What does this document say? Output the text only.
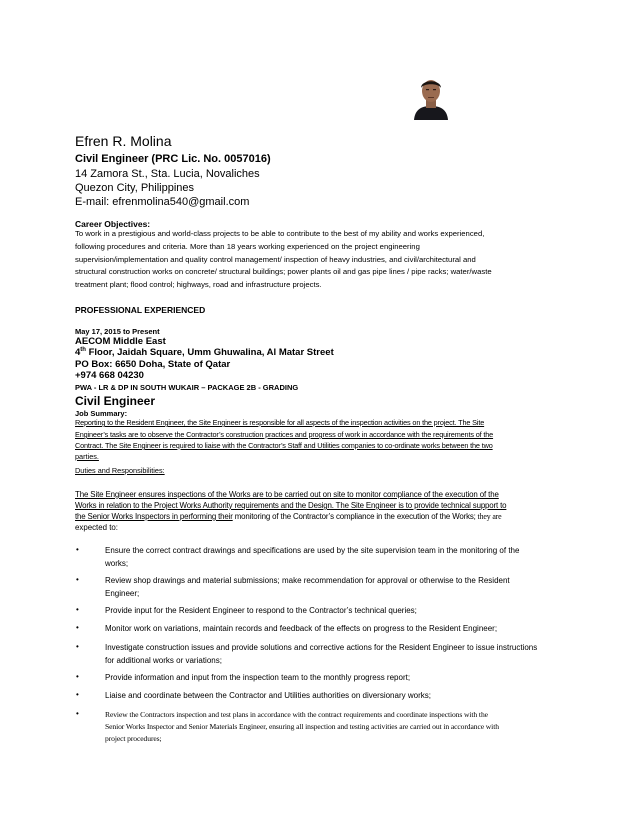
Efren R. Molina
Civil Engineer (PRC Lic. No. 0057016)
14 Zamora St., Sta. Lucia, Novaliches
Quezon City, Philippines
E-mail: efrenmolina540@gmail.com
Career Objectives:
To work in a prestigious and world-class projects to be able to contribute to the best of my ability and works experienced,
following procedures and criteria. More than 18 years working experienced on the project engineering
supervision/implementation and quality control management/ inspection of heavy industries, and civil/architectural and
structural construction works on concrete/ structural buildings; power plants oil and gas pipe lines / pipe racks; water/waste
treatment plant; flood control; highways, road and infrastructure projects.
PROFESSIONAL EXPERIENCED
May 17, 2015 to Present
AECOM Middle East
4th Floor, Jaidah Square, Umm Ghuwalina, Al Matar Street
PO Box: 6650 Doha, State of Qatar
+974 668 04230
PWA - LR & DP IN SOUTH WUKAIR – PACKAGE 2B - GRADING
Civil Engineer
Job Summary:
Reporting to the Resident Engineer, the Site Engineer is responsible for all aspects of the inspection activities on the project. The Site
Engineer’s tasks are to observe the Contractor’s construction practices and progress of work in accordance with the requirements of the
Contract. The Site Engineer is required to liaise with the Contractor’s Staff and Utilities companies to co-ordinate works between the two
parties.
Duties and Responsibilities:
The Site Engineer ensures inspections of the Works are to be carried out on site to monitor compliance of the execution of the
Works in relation to the Project Works Authority requirements and the Design. The Site Engineer is to provide technical support to
the Senior Works Inspectors in performing their monitoring of the Contractor’s compliance in the execution of the Works; they are
expected to:
•	Ensure the correct contract drawings and specifications are used by the site supervision team in the monitoring of the
works;
•	Review shop drawings and material submissions; make recommendation for approval or otherwise to the Resident
Engineer;
•	Provide input for the Resident Engineer to respond to the Contractor’s technical queries;
•	Monitor work on variations, maintain records and feedback of the effects on progress to the Resident Engineer;
•	Investigate construction issues and provide solutions and corrective actions for the Resident Engineer to issue instructions
for additional works or variations;
•	Provide information and input from the inspection team to the monthly progress report;
•	Liaise and coordinate between the Contractor and Utilities authorities on diversionary works;
•	Review the Contractors inspection and test plans in accordance with the contract requirements and coordinate inspections with the
Senior Works Inspector and Senior Materials Engineer, ensuring all inspection and testing activities are carried out in accordance with
project procedures;
